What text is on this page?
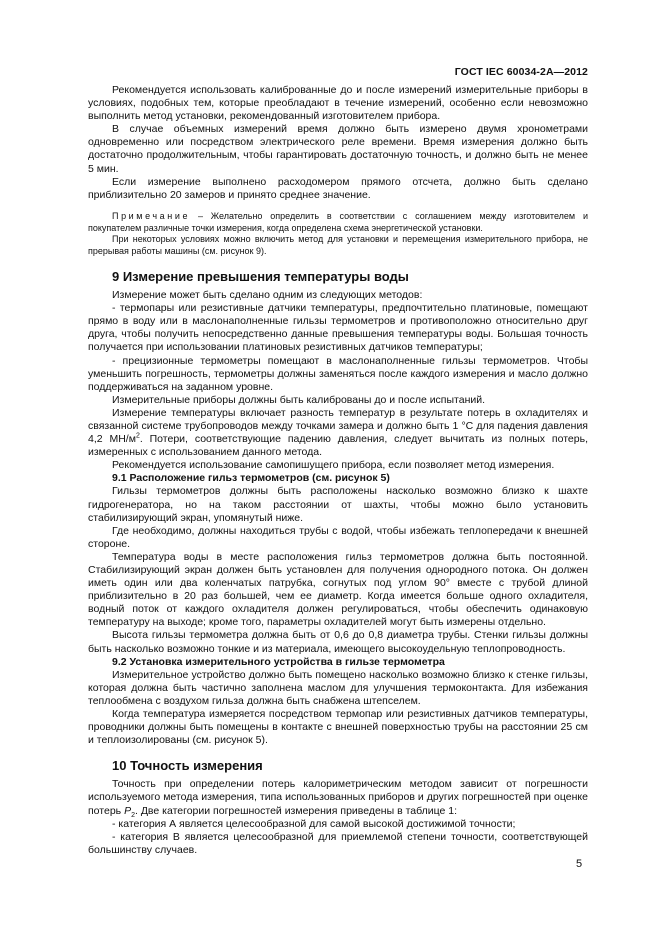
ГОСТ IEC 60034-2A—2012

Рекомендуется использовать калиброванные до и после измерений измерительные приборы в условиях, подобных тем, которые преобладают в течение измерений, особенно если невозможно выполнить метод установки, рекомендованный изготовителем прибора.

В случае объемных измерений время должно быть измерено двумя хронометрами одновременно или посредством электрического реле времени. Время измерения должно быть достаточно продолжительным, чтобы гарантировать достаточную точность, и должно быть не менее 5 мин.

Если измерение выполнено расходомером прямого отсчета, должно быть сделано приблизительно 20 замеров и принято среднее значение.

Примечание – Желательно определить в соответствии с соглашением между изготовителем и покупателем различные точки измерения, когда определена схема энергетической установки.

При некоторых условиях можно включить метод для установки и перемещения измерительного прибора, не прерывая работы машины (см. рисунок 9).

9 Измерение превышения температуры воды

Измерение может быть сделано одним из следующих методов:

- термопары или резистивные датчики температуры, предпочтительно платиновые, помещают прямо в воду или в маслонаполненные гильзы термометров и противоположно относительно друг друга, чтобы получить непосредственно данные превышения температуры воды. Большая точность получается при использовании платиновых резистивных датчиков температуры;

- прецизионные термометры помещают в маслонаполненные гильзы термометров. Чтобы уменьшить погрешность, термометры должны заменяться после каждого измерения и масло должно поддерживаться на заданном уровне.

Измерительные приборы должны быть калиброваны до и после испытаний.

Измерение температуры включает разность температур в результате потерь в охладителях и связанной системе трубопроводов между точками замера и должно быть 1 °С для падения давления 4,2 $МН/м^2$. Потери, соответствующие падению давления, следует вычитать из полных потерь, измеренных с использованием данного метода.

Рекомендуется использование самопишущего прибора, если позволяет метод измерения.

9.1 Расположение гильз термометров (см. рисунок 5)

Гильзы термометров должны быть расположены насколько возможно близко к шахте гидрогенератора, но на таком расстоянии от шахты, чтобы можно было установить стабилизирующий экран, упомянутый ниже.

Где необходимо, должны находиться трубы с водой, чтобы избежать теплопередачи к внешней стороне.

Температура воды в месте расположения гильз термометров должна быть постоянной. Стабилизирующий экран должен быть установлен для получения однородного потока. Он должен иметь один или два коленчатых патрубка, согнутых под углом 90° вместе с трубой длиной приблизительно в 20 раз большей, чем ее диаметр. Когда имеется больше одного охладителя, водный поток от каждого охладителя должен регулироваться, чтобы обеспечить одинаковую температуру на выходе; кроме того, параметры охладителей могут быть измерены отдельно.

Высота гильзы термометра должна быть от 0,6 до 0,8 диаметра трубы. Стенки гильзы должны быть насколько возможно тонкие и из материала, имеющего высокоудельную теплопроводность.

9.2 Установка измерительного устройства в гильзе термометра

Измерительное устройство должно быть помещено насколько возможно близко к стенке гильзы, которая должна быть частично заполнена маслом для улучшения термоконтакта. Для избежания теплообмена с воздухом гильза должна быть снабжена штепселем.

Когда температура измеряется посредством термопар или резистивных датчиков температуры, проводники должны быть помещены в контакте с внешней поверхностью трубы на расстоянии 25 см и теплоизолированы (см. рисунок 5).

10 Точность измерения

Точность при определении потерь калориметрическим методом зависит от погрешности используемого метода измерения, типа использованных приборов и других погрешностей при оценке потерь $P_2$. Две категории погрешностей измерения приведены в таблице 1:

- категория А является целесообразной для самой высокой достижимой точности;

- категория В является целесообразной для приемлемой степени точности, соответствующей большинству случаев.

5
